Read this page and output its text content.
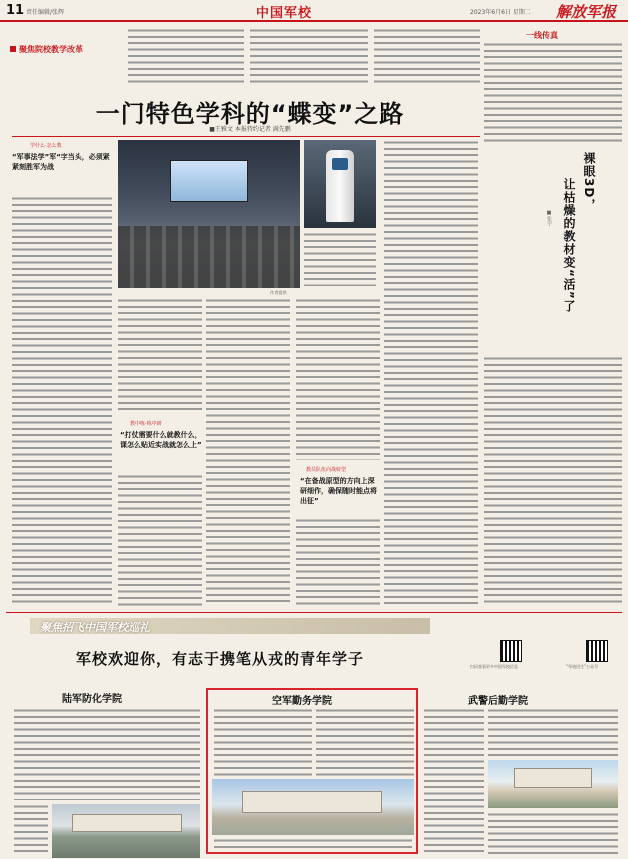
11 责任编辑/张辉	中国军校	2023年6月6日 星期二 解放军报
聚焦院校教学改革
一门特色学科的“蝶变”之路
■王雅文 本报特约记者 满先鹏
学什么·怎么教
“军事法学”军“字当头，必须紧紧刻胜军为战
作者提供
教中练·练中研
“打仗需要什么就教什么，课怎么贴近实战就怎么上”
教员队伍向战转型
“在备战原型的方向上深研细作，确保随时能点将出征”
一线传真
裸眼3D，
让枯燥的教材变“活”了
■张宇
聚焦招飞中国军校巡礼
军校欢迎你，有志于携笔从戎的青年学子	扫码查看更多中国军校信息	“军校招生”公众号
陆军防化学院	空军勤务学院	武警后勤学院
